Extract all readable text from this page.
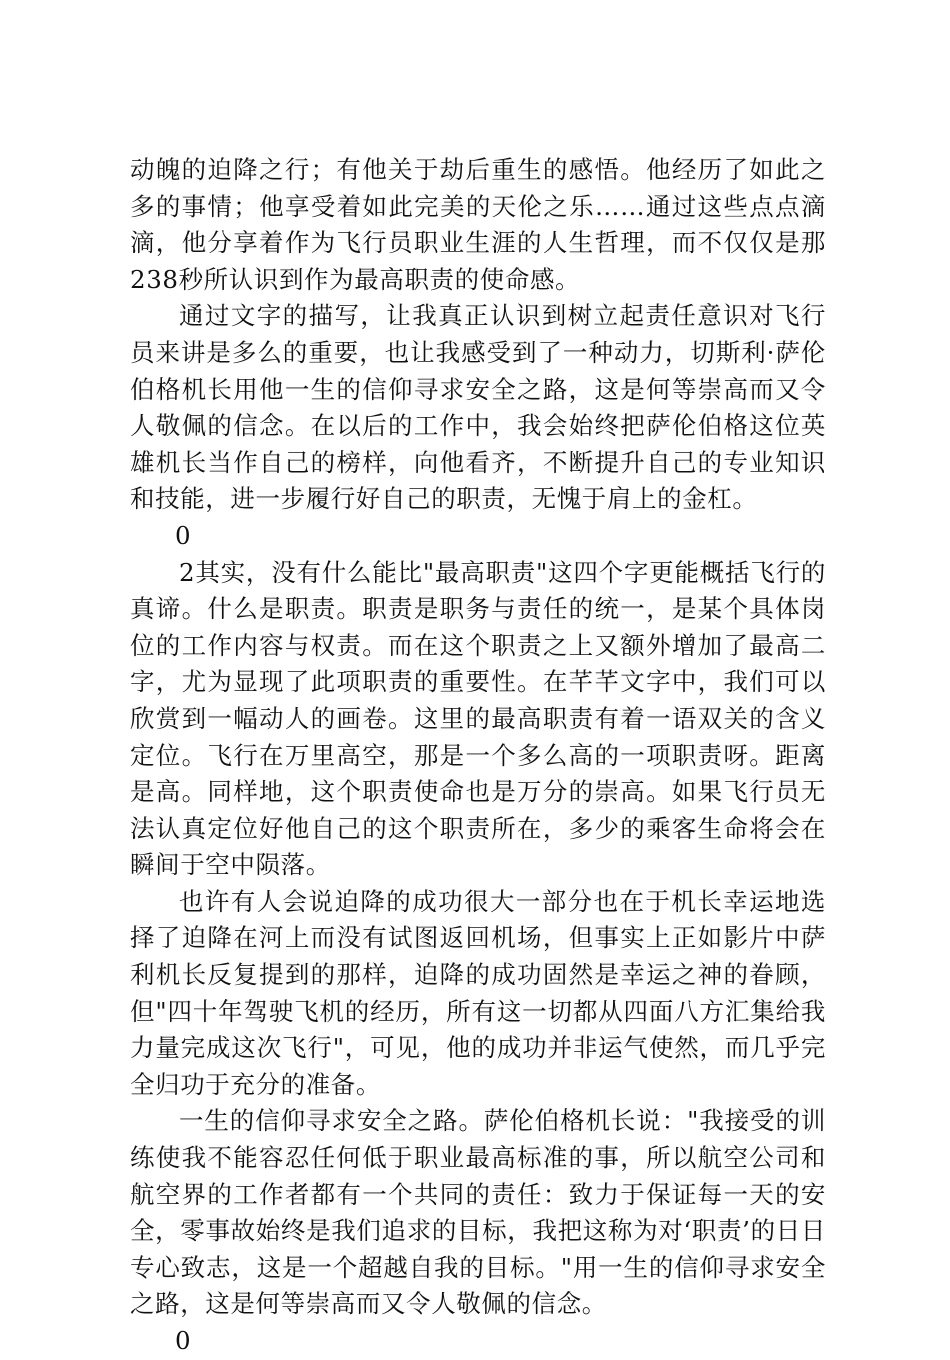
动魄的迫降之行；有他关于劫后重生的感悟。他经历了如此之多的事情；他享受着如此完美的天伦之乐……通过这些点点滴滴，他分享着作为飞行员职业生涯的人生哲理，而不仅仅是那238秒所认识到作为最高职责的使命感。

通过文字的描写，让我真正认识到树立起责任意识对飞行员来讲是多么的重要，也让我感受到了一种动力，切斯利·萨伦伯格机长用他一生的信仰寻求安全之路，这是何等崇高而又令人敬佩的信念。在以后的工作中，我会始终把萨伦伯格这位英雄机长当作自己的榜样，向他看齐，不断提升自己的专业知识和技能，进一步履行好自己的职责，无愧于肩上的金杠。

0

2其实，没有什么能比"最高职责"这四个字更能概括飞行的真谛。什么是职责。职责是职务与责任的统一，是某个具体岗位的工作内容与权责。而在这个职责之上又额外增加了最高二字，尤为显现了此项职责的重要性。在芊芊文字中，我们可以欣赏到一幅动人的画卷。这里的最高职责有着一语双关的含义定位。飞行在万里高空，那是一个多么高的一项职责呀。距离是高。同样地，这个职责使命也是万分的崇高。如果飞行员无法认真定位好他自己的这个职责所在，多少的乘客生命将会在瞬间于空中陨落。

也许有人会说迫降的成功很大一部分也在于机长幸运地选择了迫降在河上而没有试图返回机场，但事实上正如影片中萨利机长反复提到的那样，迫降的成功固然是幸运之神的眷顾，但"四十年驾驶飞机的经历，所有这一切都从四面八方汇集给我力量完成这次飞行"，可见，他的成功并非运气使然，而几乎完全归功于充分的准备。

一生的信仰寻求安全之路。萨伦伯格机长说："我接受的训练使我不能容忍任何低于职业最高标准的事，所以航空公司和航空界的工作者都有一个共同的责任：致力于保证每一天的安全，零事故始终是我们追求的目标，我把这称为对‘职责’的日日专心致志，这是一个超越自我的目标。"用一生的信仰寻求安全之路，这是何等崇高而又令人敬佩的信念。

0
